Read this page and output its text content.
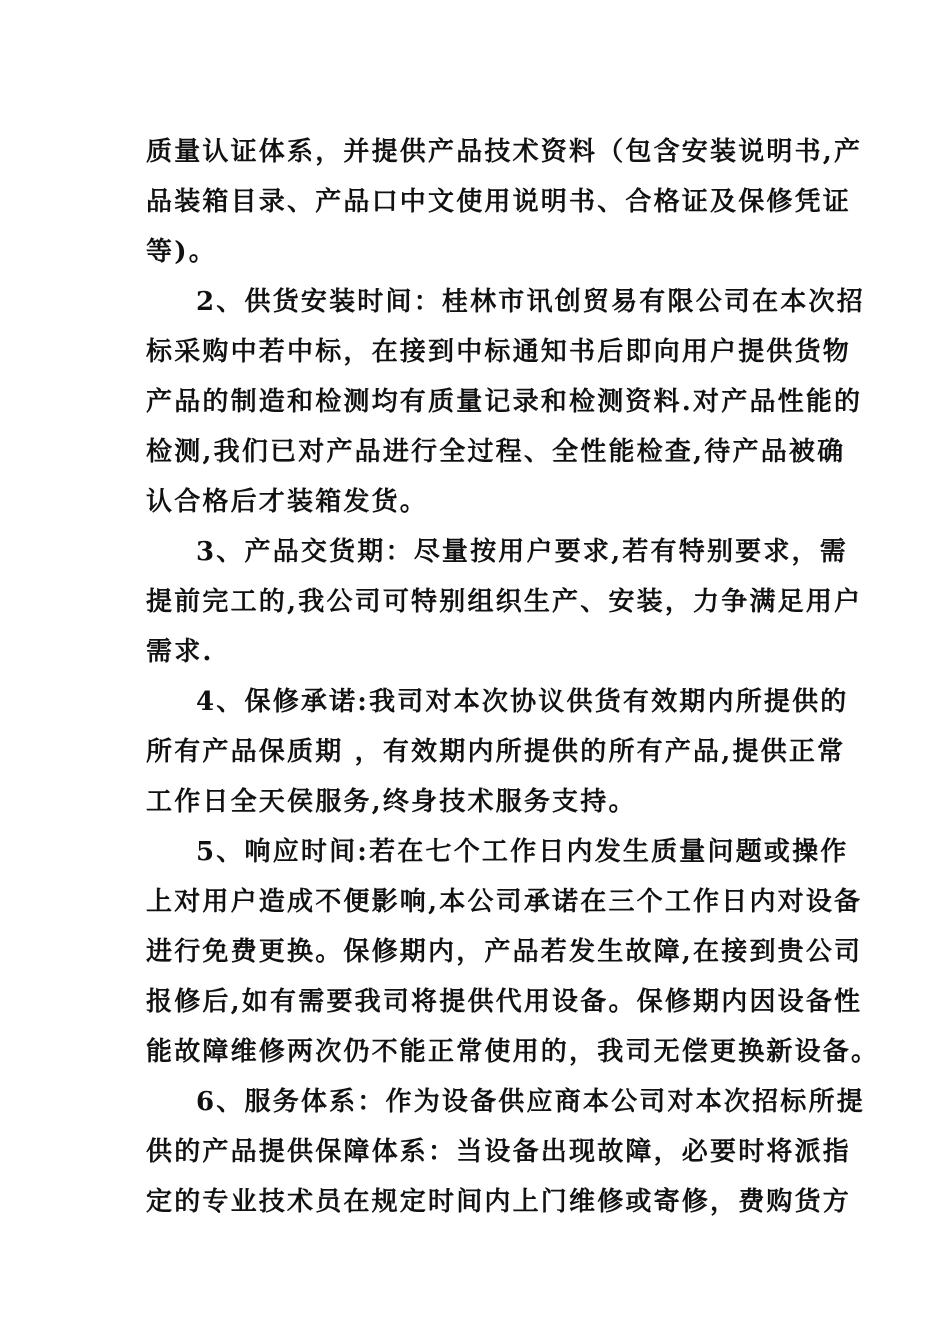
质量认证体系，并提供产品技术资料（包含安装说明书,产
品装箱目录、产品口中文使用说明书、合格证及保修凭证
等)。
2、供货安装时间：桂林市讯创贸易有限公司在本次招
标采购中若中标，在接到中标通知书后即向用户提供货物
产品的制造和检测均有质量记录和检测资料.对产品性能的
检测,我们已对产品进行全过程、全性能检查,待产品被确
认合格后才装箱发货。
3、产品交货期：尽量按用户要求,若有特别要求，需
提前完工的,我公司可特别组织生产、安装，力争满足用户
需求.
4、保修承诺:我司对本次协议供货有效期内所提供的
所有产品保质期 ，有效期内所提供的所有产品,提供正常
工作日全天侯服务,终身技术服务支持。
5、响应时间:若在七个工作日内发生质量问题或操作
上对用户造成不便影响,本公司承诺在三个工作日内对设备
进行免费更换。保修期内，产品若发生故障,在接到贵公司
报修后,如有需要我司将提供代用设备。保修期内因设备性
能故障维修两次仍不能正常使用的，我司无偿更换新设备。
6、服务体系：作为设备供应商本公司对本次招标所提
供的产品提供保障体系：当设备出现故障，必要时将派指
定的专业技术员在规定时间内上门维修或寄修，费购货方
